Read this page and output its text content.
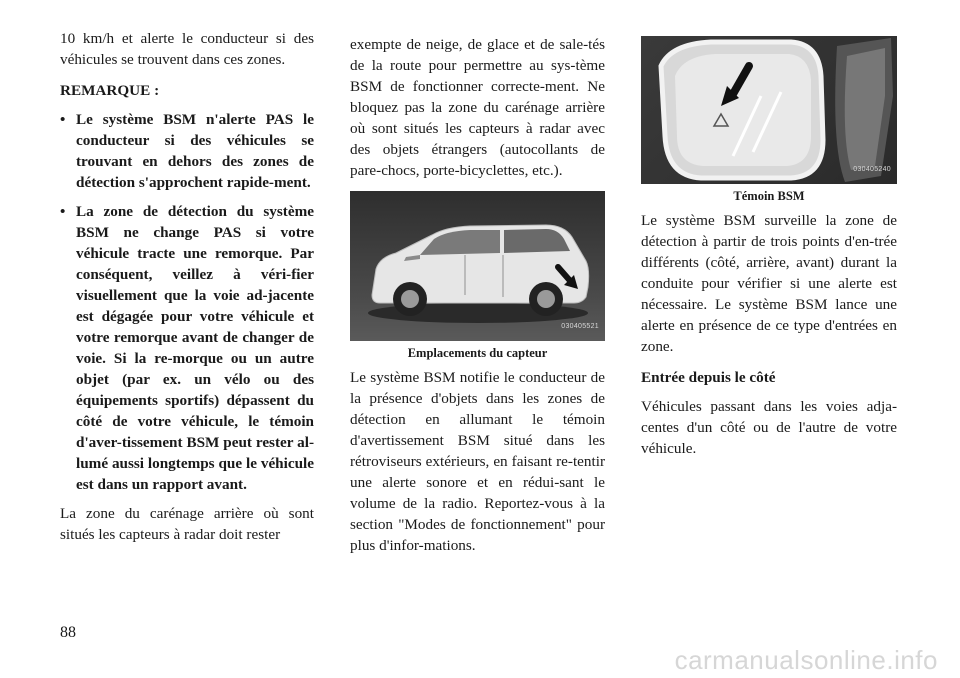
10 km/h et alerte le conducteur si des véhicules se trouvent dans ces zones.

REMARQUE :

• Le système BSM n'alerte PAS le conducteur si des véhicules se trouvant en dehors des zones de détection s'approchent rapide-ment.
• La zone de détection du système BSM ne change PAS si votre véhicule tracte une remorque. Par conséquent, veillez à véri-fier visuellement que la voie ad-jacente est dégagée pour votre véhicule et votre remorque avant de changer de voie. Si la re-morque ou un autre objet (par ex. un vélo ou des équipements sportifs) dépassent du côté de votre véhicule, le témoin d'aver-tissement BSM peut rester al-lumé aussi longtemps que le véhicule est dans un rapport avant.

La zone du carénage arrière où sont situés les capteurs à radar doit rester

exempte de neige, de glace et de sale-tés de la route pour permettre au sys-tème BSM de fonctionner correcte-ment. Ne bloquez pas la zone du carénage arrière où sont situés les capteurs à radar avec des objets étrangers (autocollants de pare-chocs, porte-bicyclettes, etc.).

030405521
Emplacements du capteur

Le système BSM notifie le conducteur de la présence d'objets dans les zones de détection en allumant le témoin d'avertissement BSM situé dans les rétroviseurs extérieurs, en faisant re-tentir une alerte sonore et en rédui-sant le volume de la radio. Reportez-vous à la section "Modes de fonctionnement" pour plus d'infor-mations.

030405240
Témoin BSM

Le système BSM surveille la zone de détection à partir de trois points d'en-trée différents (côté, arrière, avant) durant la conduite pour vérifier si une alerte est nécessaire. Le système BSM lance une alerte en présence de ce type d'entrées en zone.

Entrée depuis le côté

Véhicules passant dans les voies adja-centes d'un côté ou de l'autre de votre véhicule.

88
carmanualsonline.info
